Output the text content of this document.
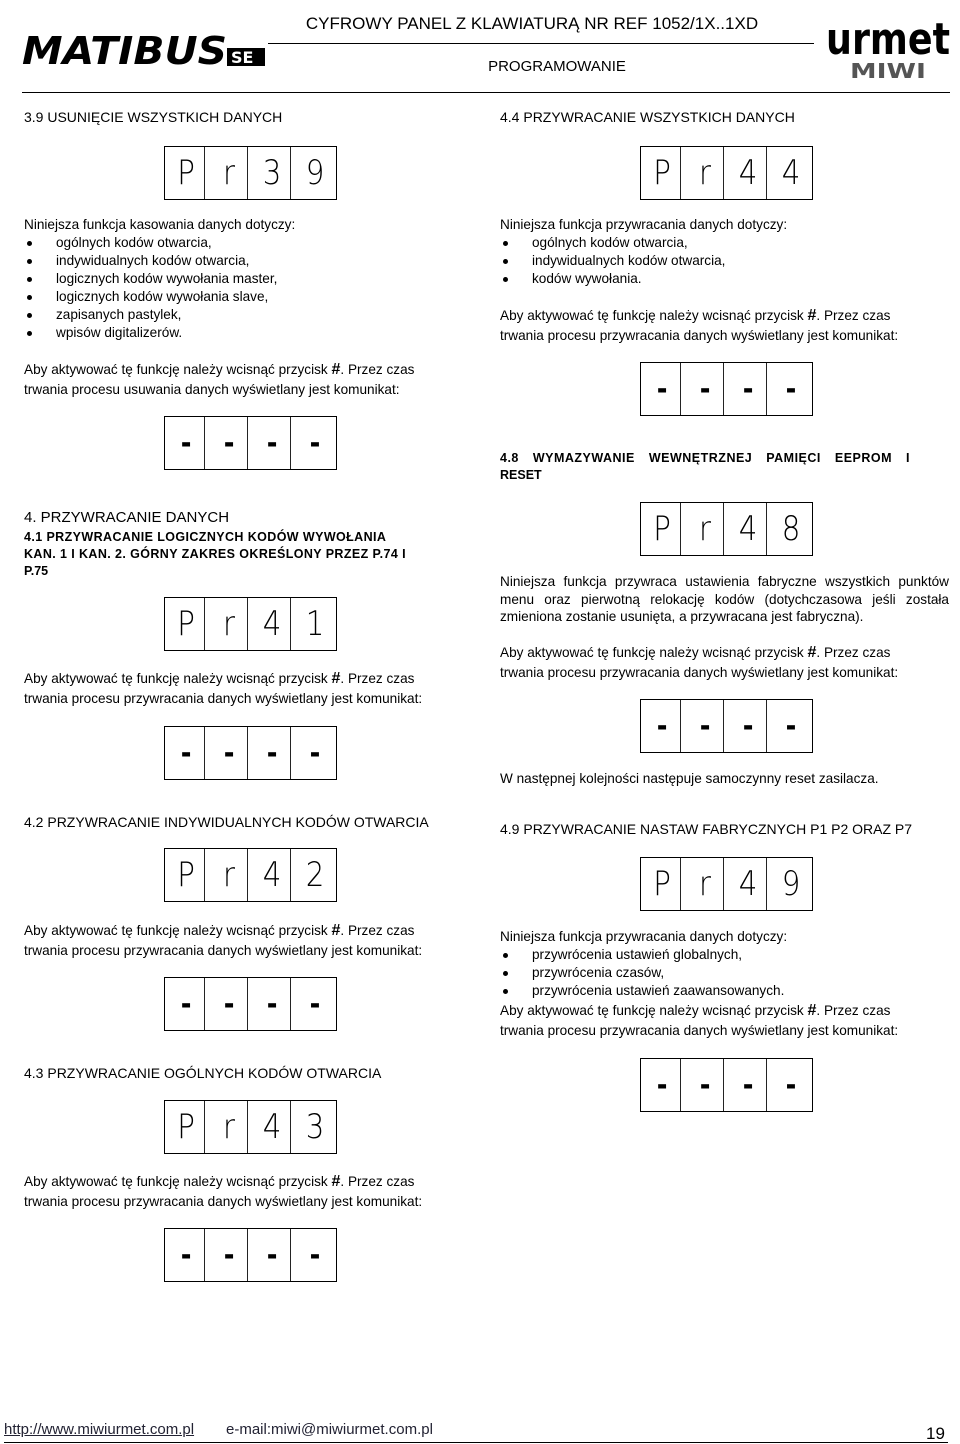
MATIBUS SE
CYFROWY PANEL Z KLAWIATURĄ NR REF 1052/1X..1XD
PROGRAMOWANIE
urmet
MIWI
3.9 USUNIĘCIE WSZYSTKICH DANYCH
P r 3 9
Niniejsza funkcja kasowania danych dotyczy:
ogólnych kodów otwarcia,
indywidualnych kodów otwarcia,
logicznych kodów wywołania master,
logicznych kodów wywołania slave,
zapisanych pastylek,
wpisów digitalizerów.
Aby aktywować tę funkcję należy wcisnąć przycisk #. Przez czas
trwania procesu usuwania danych wyświetlany jest komunikat:
-	-	-	-
4. PRZYWRACANIE DANYCH
4.1 PRZYWRACANIE LOGICZNYCH KODÓW WYWOŁANIA
KAN. 1 I KAN. 2. GÓRNY ZAKRES OKREŚLONY PRZEZ P.74 I
P.75
P r 4 1
Aby aktywować tę funkcję należy wcisnąć przycisk #. Przez czas
trwania procesu przywracania danych wyświetlany jest komunikat:
-	-	-	-
4.2 PRZYWRACANIE INDYWIDUALNYCH KODÓW OTWARCIA
P r 4 2
Aby aktywować tę funkcję należy wcisnąć przycisk #. Przez czas
trwania procesu przywracania danych wyświetlany jest komunikat:
-	-	-	-
4.3 PRZYWRACANIE OGÓLNYCH KODÓW OTWARCIA
P r 4 3
Aby aktywować tę funkcję należy wcisnąć przycisk #. Przez czas
trwania procesu przywracania danych wyświetlany jest komunikat:
-	-	-	-
4.4 PRZYWRACANIE WSZYSTKICH DANYCH
P r 4 4
Niniejsza funkcja przywracania danych dotyczy:
ogólnych kodów otwarcia,
indywidualnych kodów otwarcia,
kodów wywołania.
Aby aktywować tę funkcję należy wcisnąć przycisk #. Przez czas
trwania procesu przywracania danych wyświetlany jest komunikat:
-	-	-	-
4.8 WYMAZYWANIE WEWNĘTRZNEJ PAMIĘCI EEPROM I
RESET
P r 4 8
Niniejsza funkcja przywraca ustawienia fabryczne wszystkich punktów menu oraz pierwotną relokację kodów (dotychczasowa jeśli została zmieniona zostanie usunięta, a przywracana jest fabryczna).
Aby aktywować tę funkcję należy wcisnąć przycisk #. Przez czas
trwania procesu przywracania danych wyświetlany jest komunikat:
-	-	-	-
W następnej kolejności następuje samoczynny reset zasilacza.
4.9 PRZYWRACANIE NASTAW FABRYCZNYCH P1 P2 ORAZ P7
P r 4 9
Niniejsza funkcja przywracania danych dotyczy:
przywrócenia ustawień globalnych,
przywrócenia czasów,
przywrócenia ustawień zaawansowanych.
Aby aktywować tę funkcję należy wcisnąć przycisk #. Przez czas
trwania procesu przywracania danych wyświetlany jest komunikat:
-	-	-	-
http://www.miwiurmet.com.pl e-mail:miwi@miwiurmet.com.pl	19
